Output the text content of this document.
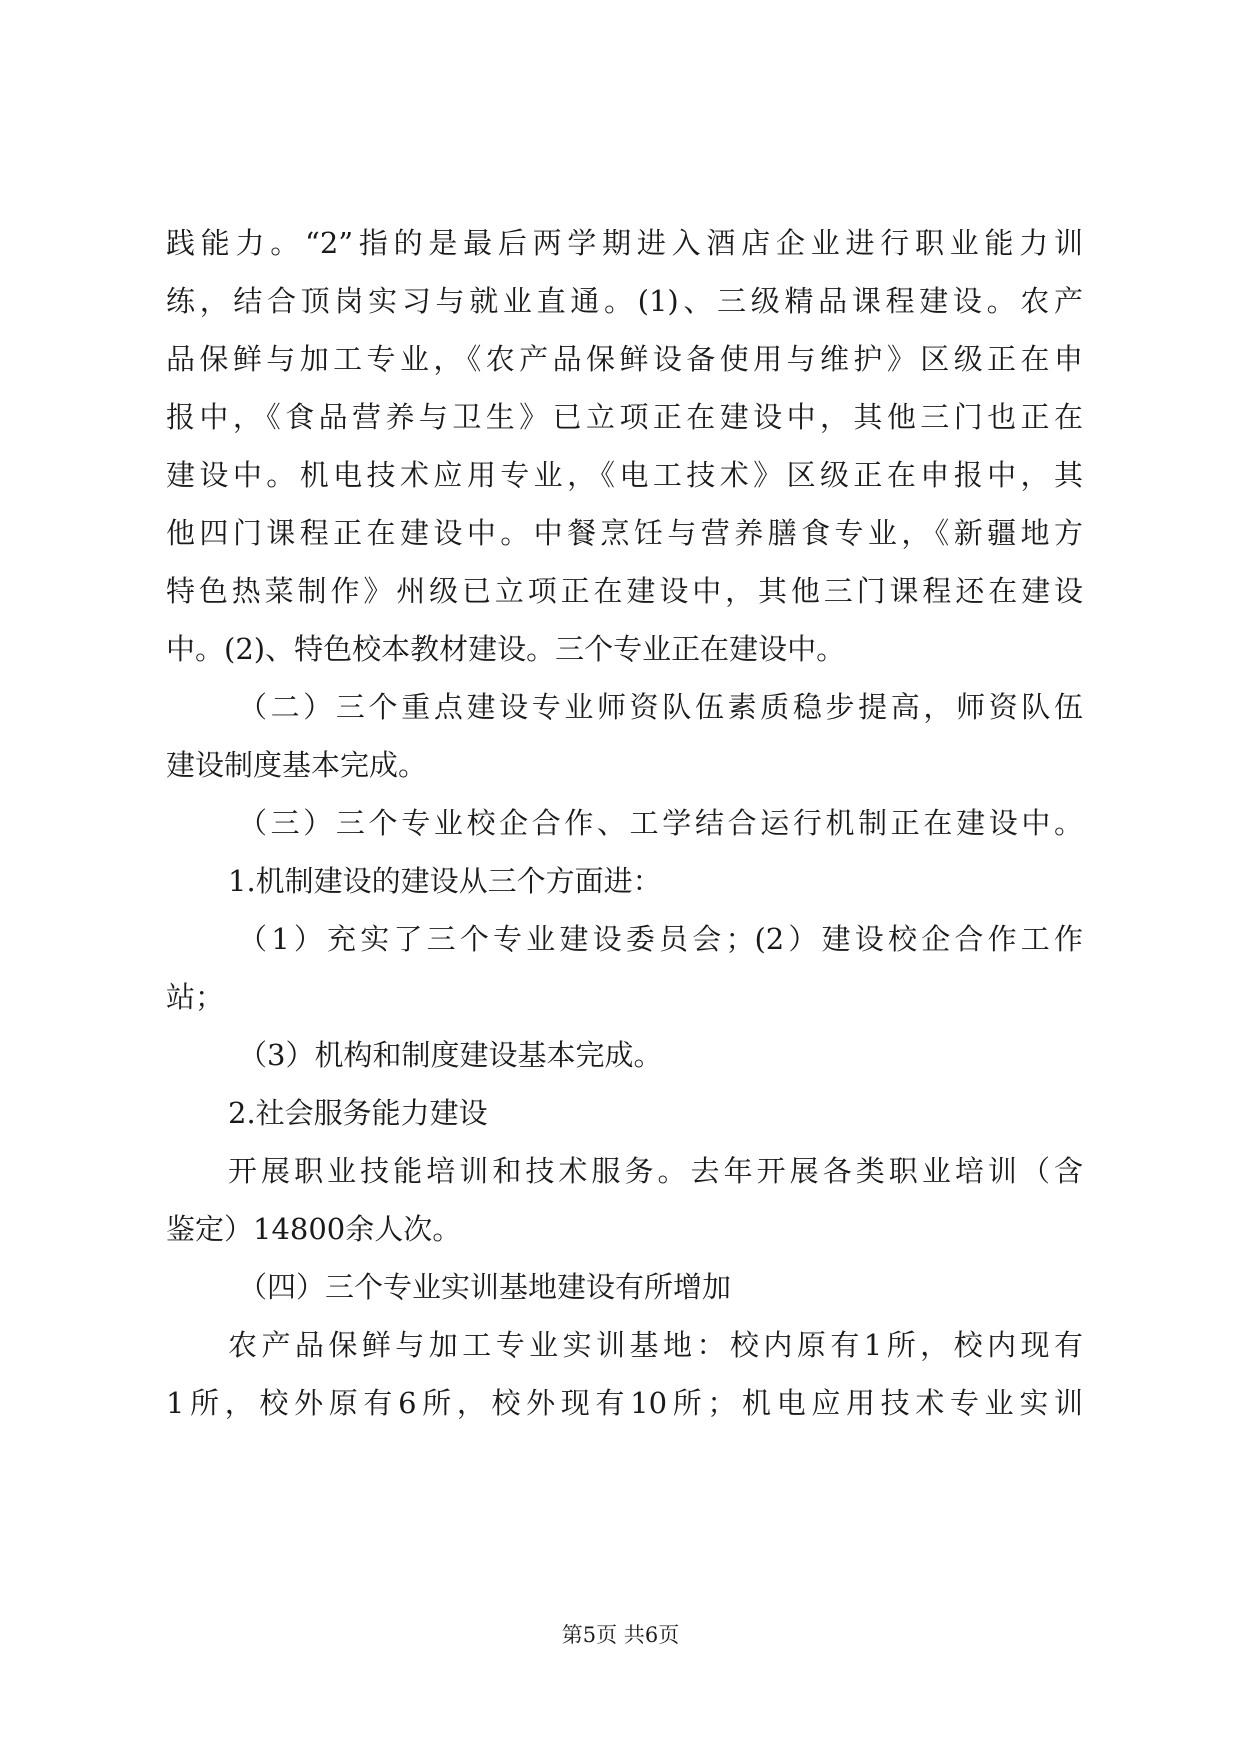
践能力。“2”指的是最后两学期进入酒店企业进行职业能力训
练，结合顶岗实习与就业直通。(1)、三级精品课程建设。农产
品保鲜与加工专业，《农产品保鲜设备使用与维护》区级正在申
报中，《食品营养与卫生》已立项正在建设中，其他三门也正在
建设中。机电技术应用专业，《电工技术》区级正在申报中，其
他四门课程正在建设中。中餐烹饪与营养膳食专业，《新疆地方
特色热菜制作》州级已立项正在建设中，其他三门课程还在建设
中。(2)、特色校本教材建设。三个专业正在建设中。
（二）三个重点建设专业师资队伍素质稳步提高，师资队伍
建设制度基本完成。
（三）三个专业校企合作、工学结合运行机制正在建设中。
1.机制建设的建设从三个方面进：
（1）充实了三个专业建设委员会；(2）建设校企合作工作
站；
（3）机构和制度建设基本完成。
2.社会服务能力建设
开展职业技能培训和技术服务。去年开展各类职业培训（含
鉴定）14800余人次。
（四）三个专业实训基地建设有所增加
农产品保鲜与加工专业实训基地：校内原有1所，校内现有
1所，校外原有6所，校外现有10所；机电应用技术专业实训
第5页 共6页
